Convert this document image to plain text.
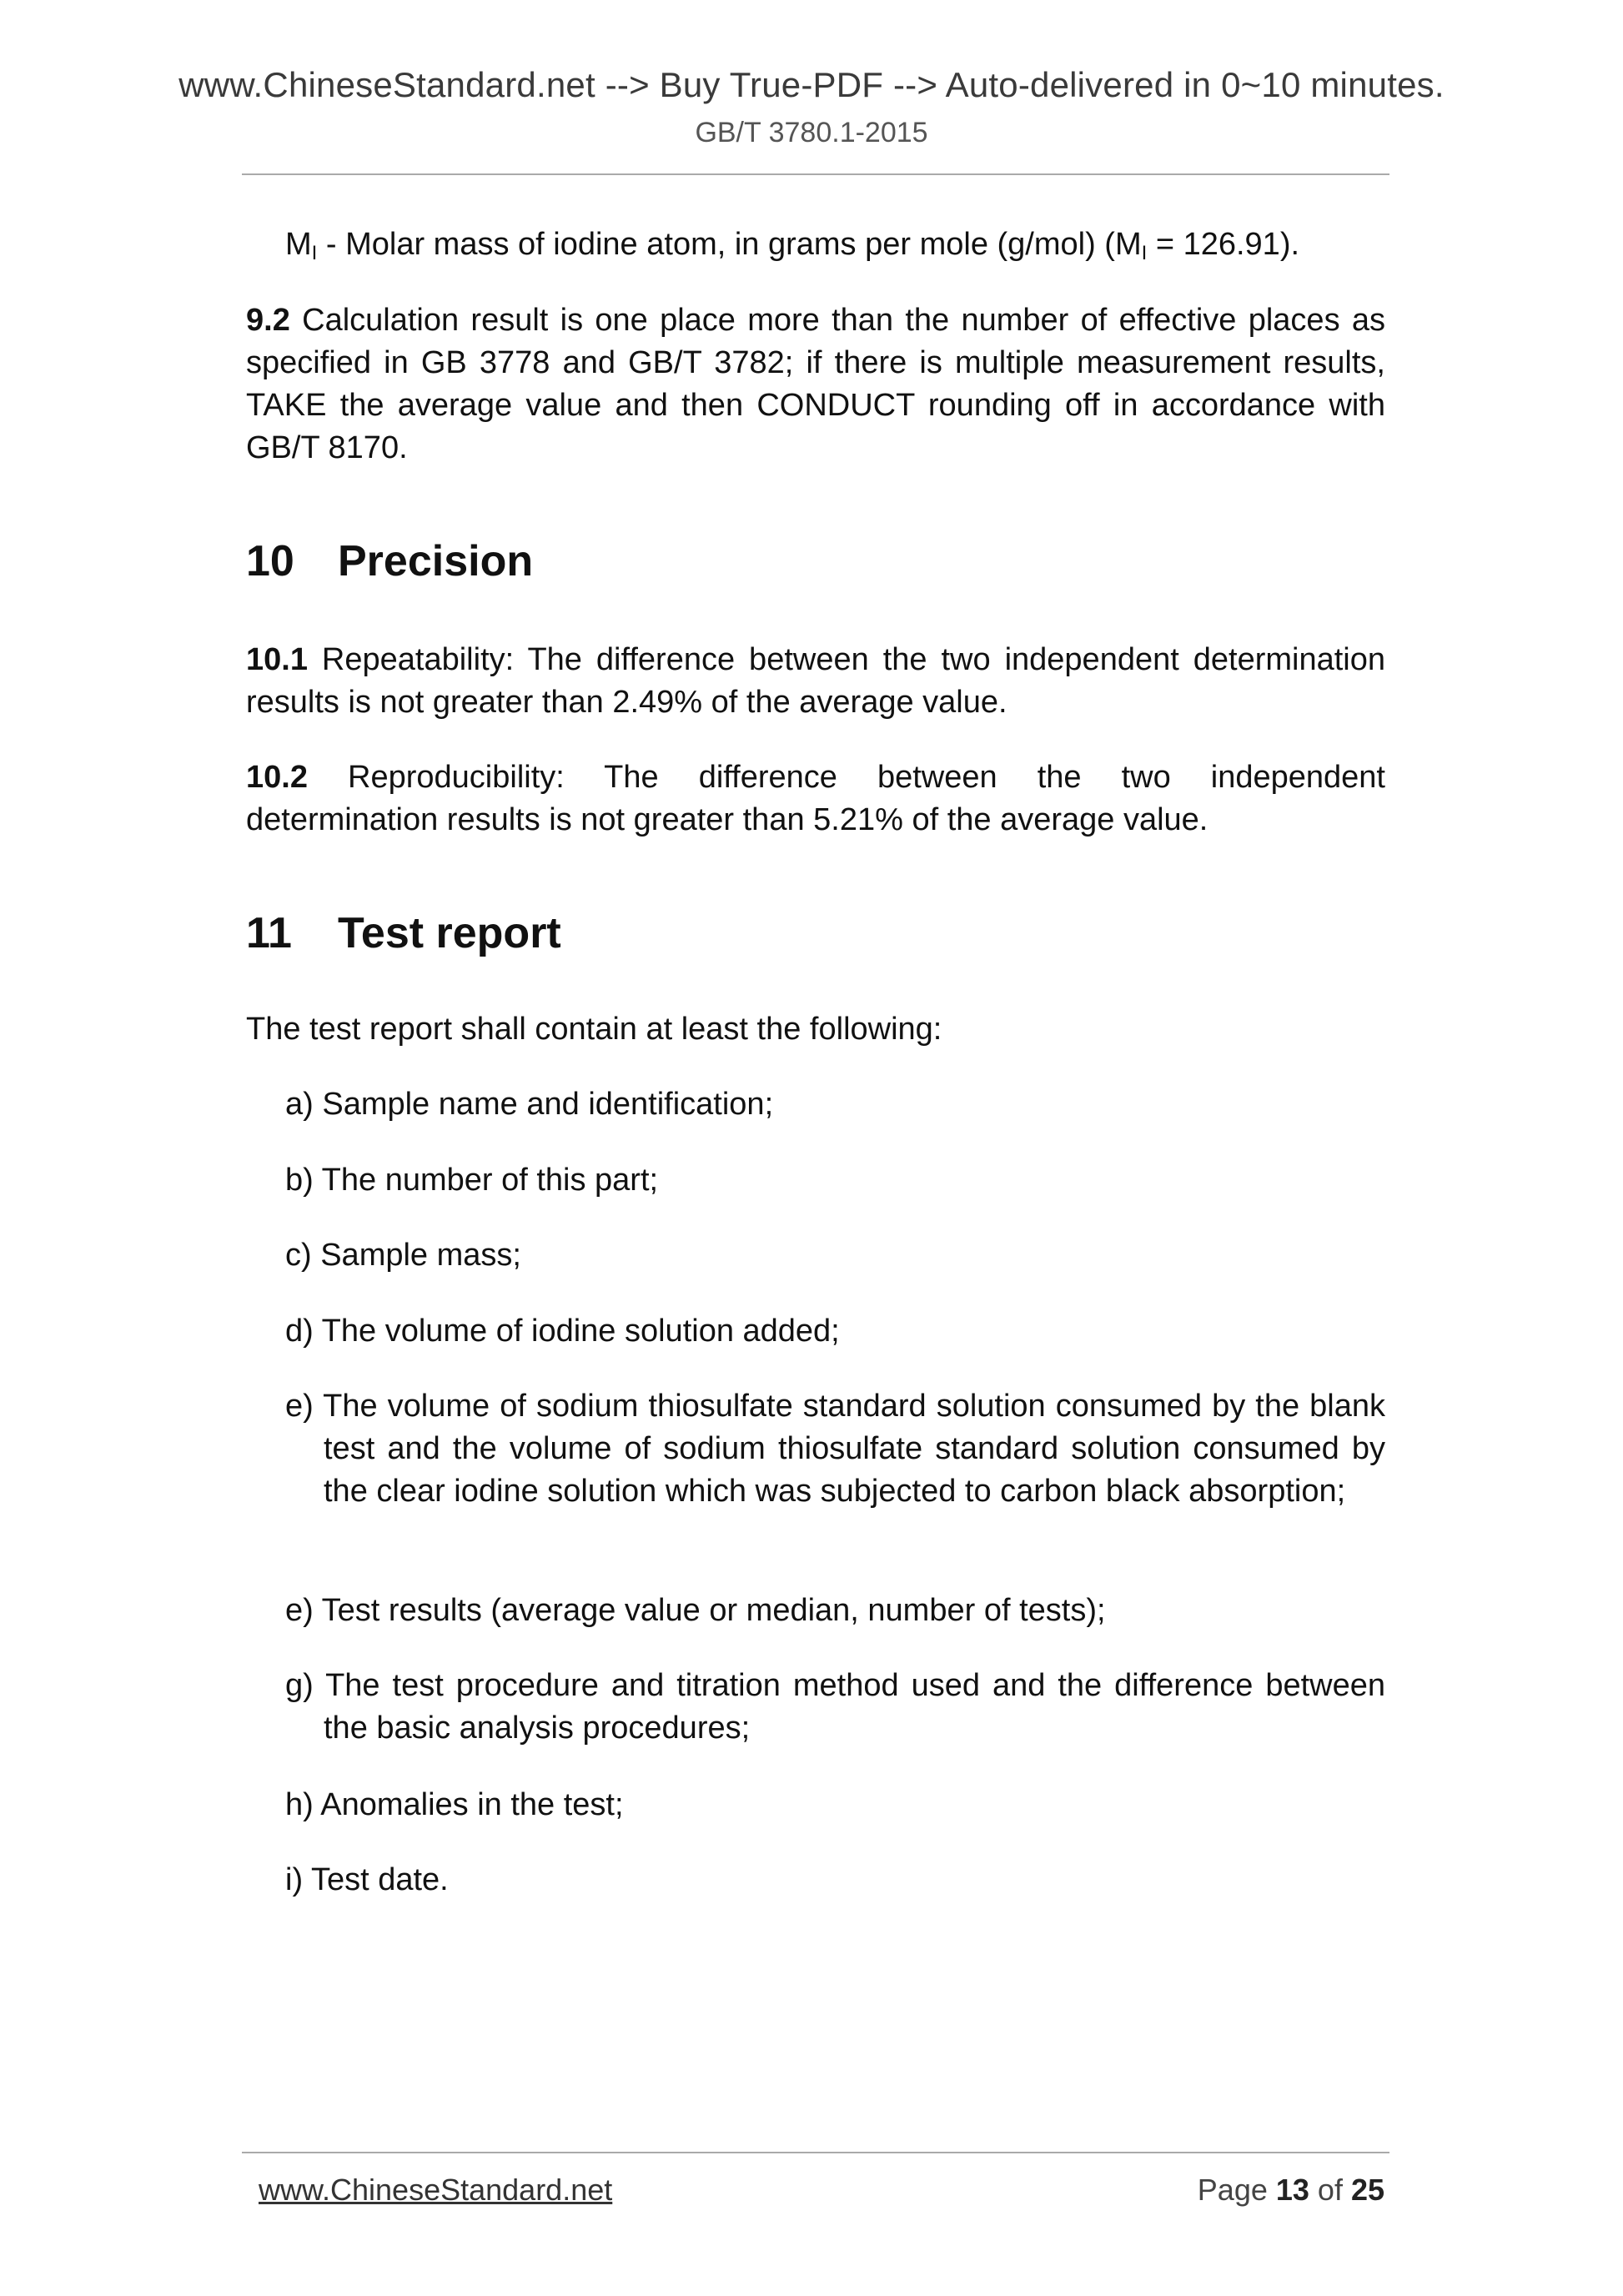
www.ChineseStandard.net --> Buy True-PDF --> Auto-delivered in 0~10 minutes.
GB/T 3780.1-2015

$M_I$ - Molar mass of iodine atom, in grams per mole (g/mol) $(M_I = 126.91)$.

9.2 Calculation result is one place more than the number of effective places as specified in GB 3778 and GB/T 3782; if there is multiple measurement results, TAKE the average value and then CONDUCT rounding off in accordance with GB/T 8170.

10 Precision

10.1 Repeatability: The difference between the two independent determination results is not greater than 2.49% of the average value.

10.2 Reproducibility: The difference between the two independent

determination results is not greater than 5.21% of the average value.

11 Test report

The test report shall contain at least the following:

a) Sample name and identification;

b) The number of this part;

c) Sample mass;

d) The volume of iodine solution added;

e) The volume of sodium thiosulfate standard solution consumed by the blank test and the volume of sodium thiosulfate standard solution consumed by the clear iodine solution which was subjected to carbon black absorption;

e) Test results (average value or median, number of tests);

g) The test procedure and titration method used and the difference between the basic analysis procedures;

h) Anomalies in the test;

i) Test date.

www.ChineseStandard.net	Page 13 of 25
